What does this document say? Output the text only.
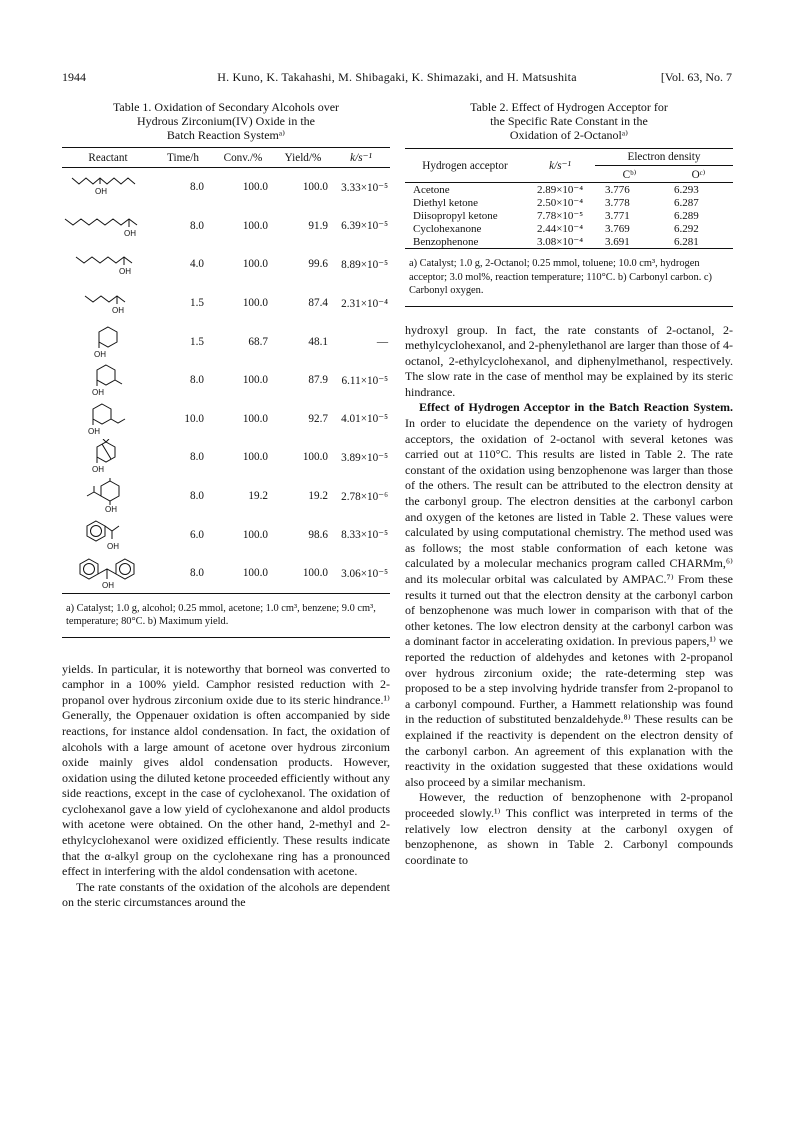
1944	H. Kuno, K. Takahashi, M. Shibagaki, K. Shimazaki, and H. Matsushita	[Vol. 63, No. 7
Table 1. Oxidation of Secondary Alcohols over
Hydrous Zirconium(IV) Oxide in the
Batch Reaction Systemᵃ⁾
Reactant	Time/h	Conv./%	Yield/%	k/s⁻¹

OH	8.0	100.0	100.0	3.33×10⁻⁵

OH	8.0	100.0	91.9	6.39×10⁻⁵

OH	4.0	100.0	99.6	8.89×10⁻⁵

OH	1.5	100.0	87.4	2.31×10⁻⁴

OH	1.5	68.7	48.1	—

OH	8.0	100.0	87.9	6.11×10⁻⁵

OH	10.0	100.0	92.7	4.01×10⁻⁵

OH	8.0	100.0	100.0	3.89×10⁻⁵

OH	8.0	19.2	19.2	2.78×10⁻⁶

OH	6.0	100.0	98.6	8.33×10⁻⁵

OH	8.0	100.0	100.0	3.06×10⁻⁵
a) Catalyst; 1.0 g, alcohol; 0.25 mmol, acetone; 1.0 cm³, benzene; 9.0 cm³, temperature; 80°C. b) Maximum yield.

yields. In particular, it is noteworthy that borneol was converted to camphor in a 100% yield. Camphor resisted reduction with 2-propanol over hydrous zirconium oxide due to its steric hindrance.¹⁾ Generally, the Oppenauer oxidation is often accompanied by side reactions, for instance aldol condensation. In fact, the oxidation of alcohols with a large amount of acetone over hydrous zirconium oxide mainly gives aldol condensation products. However, oxidation using the diluted ketone proceeded efficiently without any side reactions, except in the case of cyclohexanol. The oxidation of cyclohexanol gave a low yield of cyclohexanone and aldol products with acetone were obtained. On the other hand, 2-methyl and 2-ethylcyclohexanol were oxidized efficiently. These results indicate that the α-alkyl group on the cyclohexane ring has a pronounced effect in interfering with the aldol condensation with acetone.

The rate constants of the oxidation of the alcohols are dependent on the steric circumstances around the

Table 2. Effect of Hydrogen Acceptor for
the Specific Rate Constant in the
Oxidation of 2-Octanolᵃ⁾
Hydrogen acceptor	k/s⁻¹	Electron density	
		Cᵇ⁾	Oᶜ⁾
Acetone	2.89×10⁻⁴	3.776	6.293
Diethyl ketone	2.50×10⁻⁴	3.778	6.287
Diisopropyl ketone	7.78×10⁻⁵	3.771	6.289
Cyclohexanone	2.44×10⁻⁴	3.769	6.292
Benzophenone	3.08×10⁻⁴	3.691	6.281
a) Catalyst; 1.0 g, 2-Octanol; 0.25 mmol, toluene; 10.0 cm³, hydrogen acceptor; 3.0 mol%, reaction temperature; 110°C. b) Carbonyl carbon. c) Carbonyl oxygen.

hydroxyl group. In fact, the rate constants of 2-octanol, 2-methylcyclohexanol, and 2-phenylethanol are larger than those of 4-octanol, 2-ethylcyclohexanol, and diphenylmethanol, respectively. The slow rate in the case of menthol may be explained by its steric hindrance.

Effect of Hydrogen Acceptor in the Batch Reaction System. In order to elucidate the dependence on the variety of hydrogen acceptors, the oxidation of 2-octanol with several ketones was carried out at 110°C. This results are listed in Table 2. The rate constant of the oxidation using benzophenone was larger than those of the others. The result can be attributed to the electron density at the carbonyl group. The electron densities at the carbonyl carbon and oxygen of the ketones are listed in Table 2. These values were calculated by using computational chemistry. The method used was as follows; the most stable conformation of each ketone was calculated by a molecular mechanics program called CHARMm,⁶⁾ and its molecular orbital was calculated by AMPAC.⁷⁾ From these results it turned out that the electron density at the carbonyl carbon of benzophenone was much lower in comparison with that of the other ketones. The low electron density at the carbonyl carbon was a dominant factor in accelerating oxidation. In previous papers,¹⁾ we reported the reduction of aldehydes and ketones with 2-propanol over hydrous zirconium oxide; the rate-determing step was proposed to be a step involving hydride transfer from 2-propanol to a carbonyl compound. Further, a Hammett relationship was found in the reduction of substituted benzaldehyde.⁸⁾ These results can be explained if the reactivity is dependent on the electron density of the carbonyl carbon. An agreement of this explanation with the reactivity in the oxidation suggested that these oxidations would also proceed by a similar mechanism.

However, the reduction of benzophenone with 2-propanol proceeded slowly.¹⁾ This conflict was interpreted in terms of the relatively low electron density at the carbonyl oxygen of benzophenone, as shown in Table 2. Carbonyl compounds coordinate to
